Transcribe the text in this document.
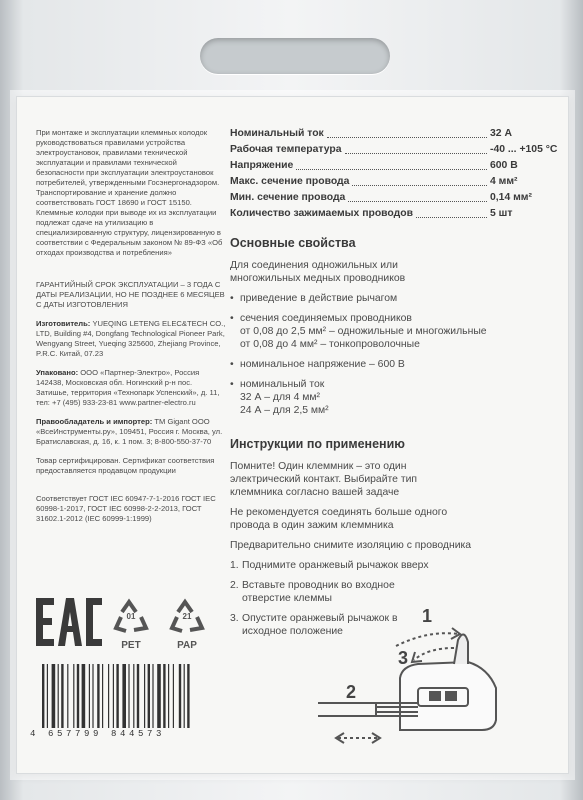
При монтаже и эксплуатации клеммных колодок руководствоваться правилами устройства электроустановок, правилами технической эксплуатации и правилами технической безопасности при эксплуатации электроустановок потребителей, утвержденными Госэнергонадзором. Транспортирование и хранение должно соответствовать ГОСТ 18690 и ГОСТ 15150. Клеммные колодки при выводе их из эксплуатации подлежат сдаче на утилизацию в специализированную структуру, лицензированную в соответствии с Федеральным законом № 89-ФЗ «Об отходах производства и потребления»

ГАРАНТИЙНЫЙ СРОК ЭКСПЛУАТАЦИИ – 3 ГОДА С ДАТЫ РЕАЛИЗАЦИИ, НО НЕ ПОЗДНЕЕ 6 МЕСЯЦЕВ С ДАТЫ ИЗГОТОВЛЕНИЯ

Изготовитель: YUEQING LETENG ELEC&TECH CO., LTD, Building #4, Dongfang Technological Pioneer Park, Wengyang Street, Yueqing 325600, Zhejiang Province, P.R.C. Китай, 07.23

Упаковано: ООО «Партнер-Электро», Россия 142438, Московская обл. Ногинский р-н пос. Затишье, территория «Технопарк Успенский», д. 11, тел: +7 (495) 933-23-81 www.partner-electro.ru

Правообладатель и импортер: TM Gigant ООО «ВсеИнструменты.ру», 109451, Россия г. Москва, ул. Братиславская, д. 16, к. 1 пом. 3; 8-800-550-37-70

Товар сертифицирован. Сертификат соответствия предоставляется продавцом продукции

Соответствует ГОСТ IEC 60947-7-1-2016 ГОСТ IEC 60998-1-2017, ГОСТ IEC 60998-2-2-2013, ГОСТ 31602.1-2012 (IEC 60999-1:1999)

Номинальный ток	32 А
Рабочая температура	-40 ... +105 °С
Напряжение	600 В
Макс. сечение провода	4 мм²
Мин. сечение провода	0,14 мм²
Количество зажимаемых проводов	5 шт
Основные свойства
Для соединения одножильных или многожильных медных проводников
• приведение в действие рычагом
• сечения соединяемых проводников
от 0,08 до 2,5 мм² – одножильные и многожильные
от 0,08 до 4 мм² – тонкопроволочные
• номинальное напряжение – 600 В
• номинальный ток
32 А – для 4 мм²
24 А – для 2,5 мм²
Инструкции по применению
Помните! Один клеммник – это один электрический контакт. Выбирайте тип клеммника согласно вашей задаче
Не рекомендуется соединять больше одного провода в один зажим клеммника
Предварительно снимите изоляцию с проводника
1. Поднимите оранжевый рычажок вверх
2. Вставьте проводник во входное отверстие клеммы
3. Опустите оранжевый рычажок в исходное положение
01
PET
21
PAP
4 657799 844573
1
2
3
